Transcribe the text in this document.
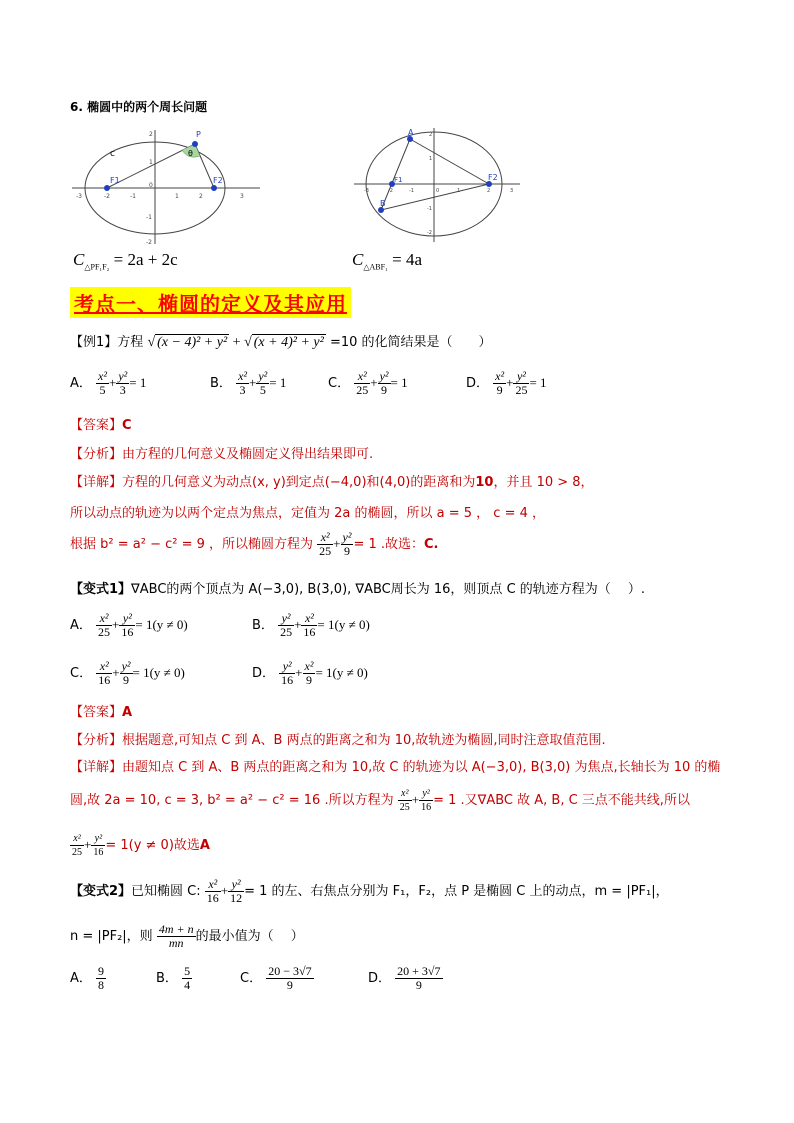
6. 椭圆中的两个周长问题
c
P
θ
F1	F2
-3	-2	-1	1	2	3
2
1
0
-1
-2
$C_{\triangle PF_1F_2} = 2a + 2c$
A
B
F1	F2
-3	-2	-1	0	1	2	3
2
1
-1
-2
$C_{\triangle ABF_1} = 4a$
考点一、椭圆的定义及其应用
【例1】方程 √ (x − 4)² + y² + √ (x + 4)² + y² =10 的化简结果是（　　）
A． $\frac{\text{x²}}{5} + \frac{\text{y²}}{3} = 1$	B． $\frac{\text{x²}}{3} + \frac{\text{y²}}{5} = 1$	C． $\frac{\text{x²}}{25} + \frac{\text{y²}}{9} = 1$	D． $\frac{\text{x²}}{9} + \frac{\text{y²}}{25} = 1$
【答案】C
【分析】由方程的几何意义及椭圆定义得出结果即可.
【详解】方程的几何意义为动点(x, y)到定点(−4,0)和(4,0)的距离和为10，并且 10 > 8，
所以动点的轨迹为以两个定点为焦点，定值为 2a 的椭圆，所以 a = 5 ， c = 4 ，
根据 b² = a² − c² = 9 ，所以椭圆方程为 $\frac{\text{x²}}{25} + \frac{\text{y²}}{9} = 1$ .故选：C.
【变式1】∇ABC的两个顶点为 A(−3,0), B(3,0), ∇ABC周长为 16，则顶点 C 的轨迹方程为（　 ）.
A． $\frac{\text{x²}}{25} + \frac{\text{y²}}{16} = 1(y \ne 0)$	B． $\frac{\text{y²}}{25} + \frac{\text{x²}}{16} = 1(y \ne 0)$
C． $\frac{\text{x²}}{16} + \frac{\text{y²}}{9} = 1(y \ne 0)$	D． $\frac{\text{y²}}{16} + \frac{\text{x²}}{9} = 1(y \ne 0)$
【答案】A
【分析】根据题意,可知点 C 到 A、B 两点的距离之和为 10,故轨迹为椭圆,同时注意取值范围.
【详解】由题知点 C 到 A、B 两点的距离之和为 10,故 C 的轨迹为以 A(−3,0), B(3,0) 为焦点,长轴长为 10 的椭
圆,故 2a = 10, c = 3, b² = a² − c² = 16 .所以方程为 $\frac{\text{x²}}{25} + \frac{\text{y²}}{16} = 1$ .又∇ABC 故 A, B, C 三点不能共线,所以
$\frac{\text{x²}}{25} + \frac{\text{y²}}{16} = 1(y \ne 0)$故选A
【变式2】已知椭圆 C: $\frac{\text{x²}}{16} + \frac{\text{y²}}{12} = 1$ 的左、右焦点分别为 F₁，F₂，点 P 是椭圆 C 上的动点，m = |PF₁|，
n = |PF₂|，则 $\frac{4m + n}{mn}$ 的最小值为（　 ）
A． $\frac{9}{8}$	B． $\frac{5}{4}$	C． $\frac{20 - 3√7}{9}$	D． $\frac{20 + 3√7}{9}$
